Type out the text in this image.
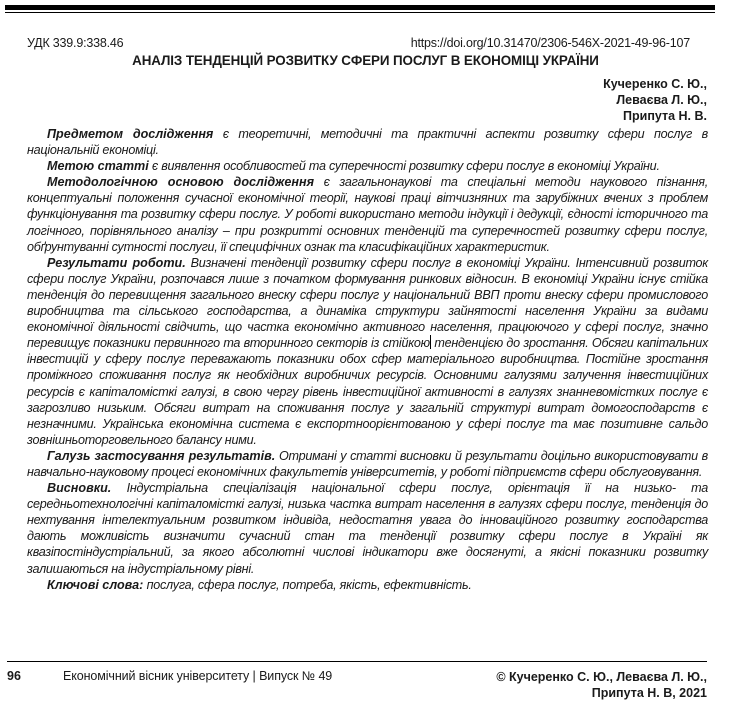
УДК 339.9:338.46	https://doi.org/10.31470/2306-546X-2021-49-96-107
АНАЛІЗ ТЕНДЕНЦІЙ РОЗВИТКУ СФЕРИ ПОСЛУГ В ЕКОНОМІЦІ УКРАЇНИ
Кучеренко С. Ю.,
Леваєва Л. Ю.,
Припута Н. В.

Предметом дослідження є теоретичні, методичні та практичні аспекти розвитку сфери послуг в національній економіці.

Метою статті є виявлення особливостей та суперечності розвитку сфери послуг в економіці України.

Методологічною основою дослідження є загальнонаукові та спеціальні методи наукового пізнання, концептуальні положення сучасної економічної теорії, наукові праці вітчизняних та зарубіжних вчених з проблем функціонування та розвитку сфери послуг. У роботі використано методи індукції і дедукції, єдності історичного та логічного, порівняльного аналізу – при розкритті основних тенденцій та суперечностей розвитку сфери послуг, обґрунтуванні сутності послуги, її специфічних ознак та класифікаційних характеристик.

Результати роботи. Визначені тенденції розвитку сфери послуг в економіці України. Інтенсивний розвиток сфери послуг України, розпочався лише з початком формування ринкових відносин. В економіці України існує стійка тенденція до перевищення загального внеску сфери послуг у національний ВВП проти внеску сфери промислового виробництва та сільського господарства, а динаміка структури зайнятості населення України за видами економічної діяльності свідчить, що частка економічно активного населення, працюючого у сфері послуг, значно перевищує показники первинного та вторинного секторів із стійкою тенденцією до зростання. Обсяги капітальних інвестицій у сферу послуг переважають показники обох сфер матеріального виробництва. Постійне зростання проміжного споживання послуг як необхідних виробничих ресурсів. Основними галузями залучення інвестиційних ресурсів є капіталомісткі галузі, в свою чергу рівень інвестиційної активності в галузях знанневомістких послуг є загрозливо низьким. Обсяги витрат на споживання послуг у загальній структурі витрат домогосподарств є незначними. Українська економічна система є експортноорієнтованою у сфері послуг та має позитивне сальдо зовнішньоторговельного балансу ними.

Галузь застосування результатів. Отримані у статті висновки й результати доцільно використовувати в навчально-науковому процесі економічних факультетів університетів, у роботі підприємств сфери обслуговування.

Висновки. Індустріальна спеціалізація національної сфери послуг, орієнтація її на низько- та середньотехнологічні капіталомісткі галузі, низька частка витрат населення в галузях сфери послуг, тенденція до нехтування інтелектуальним розвитком індивіда, недостатня увага до інноваційного розвитку господарства дають можливість визначити сучасний стан та тенденції розвитку сфери послуг в Україні як квазіпостіндустріальний, за якого абсолютні числові індикатори вже досягнуті, а якісні показники розвитку залишаються на індустріальному рівні.

Ключові слова: послуга, сфера послуг, потреба, якість, ефективність.

96	Економічний вісник університету | Випуск № 49	© Кучеренко С. Ю., Леваєва Л. Ю.,
Припута Н. В, 2021
